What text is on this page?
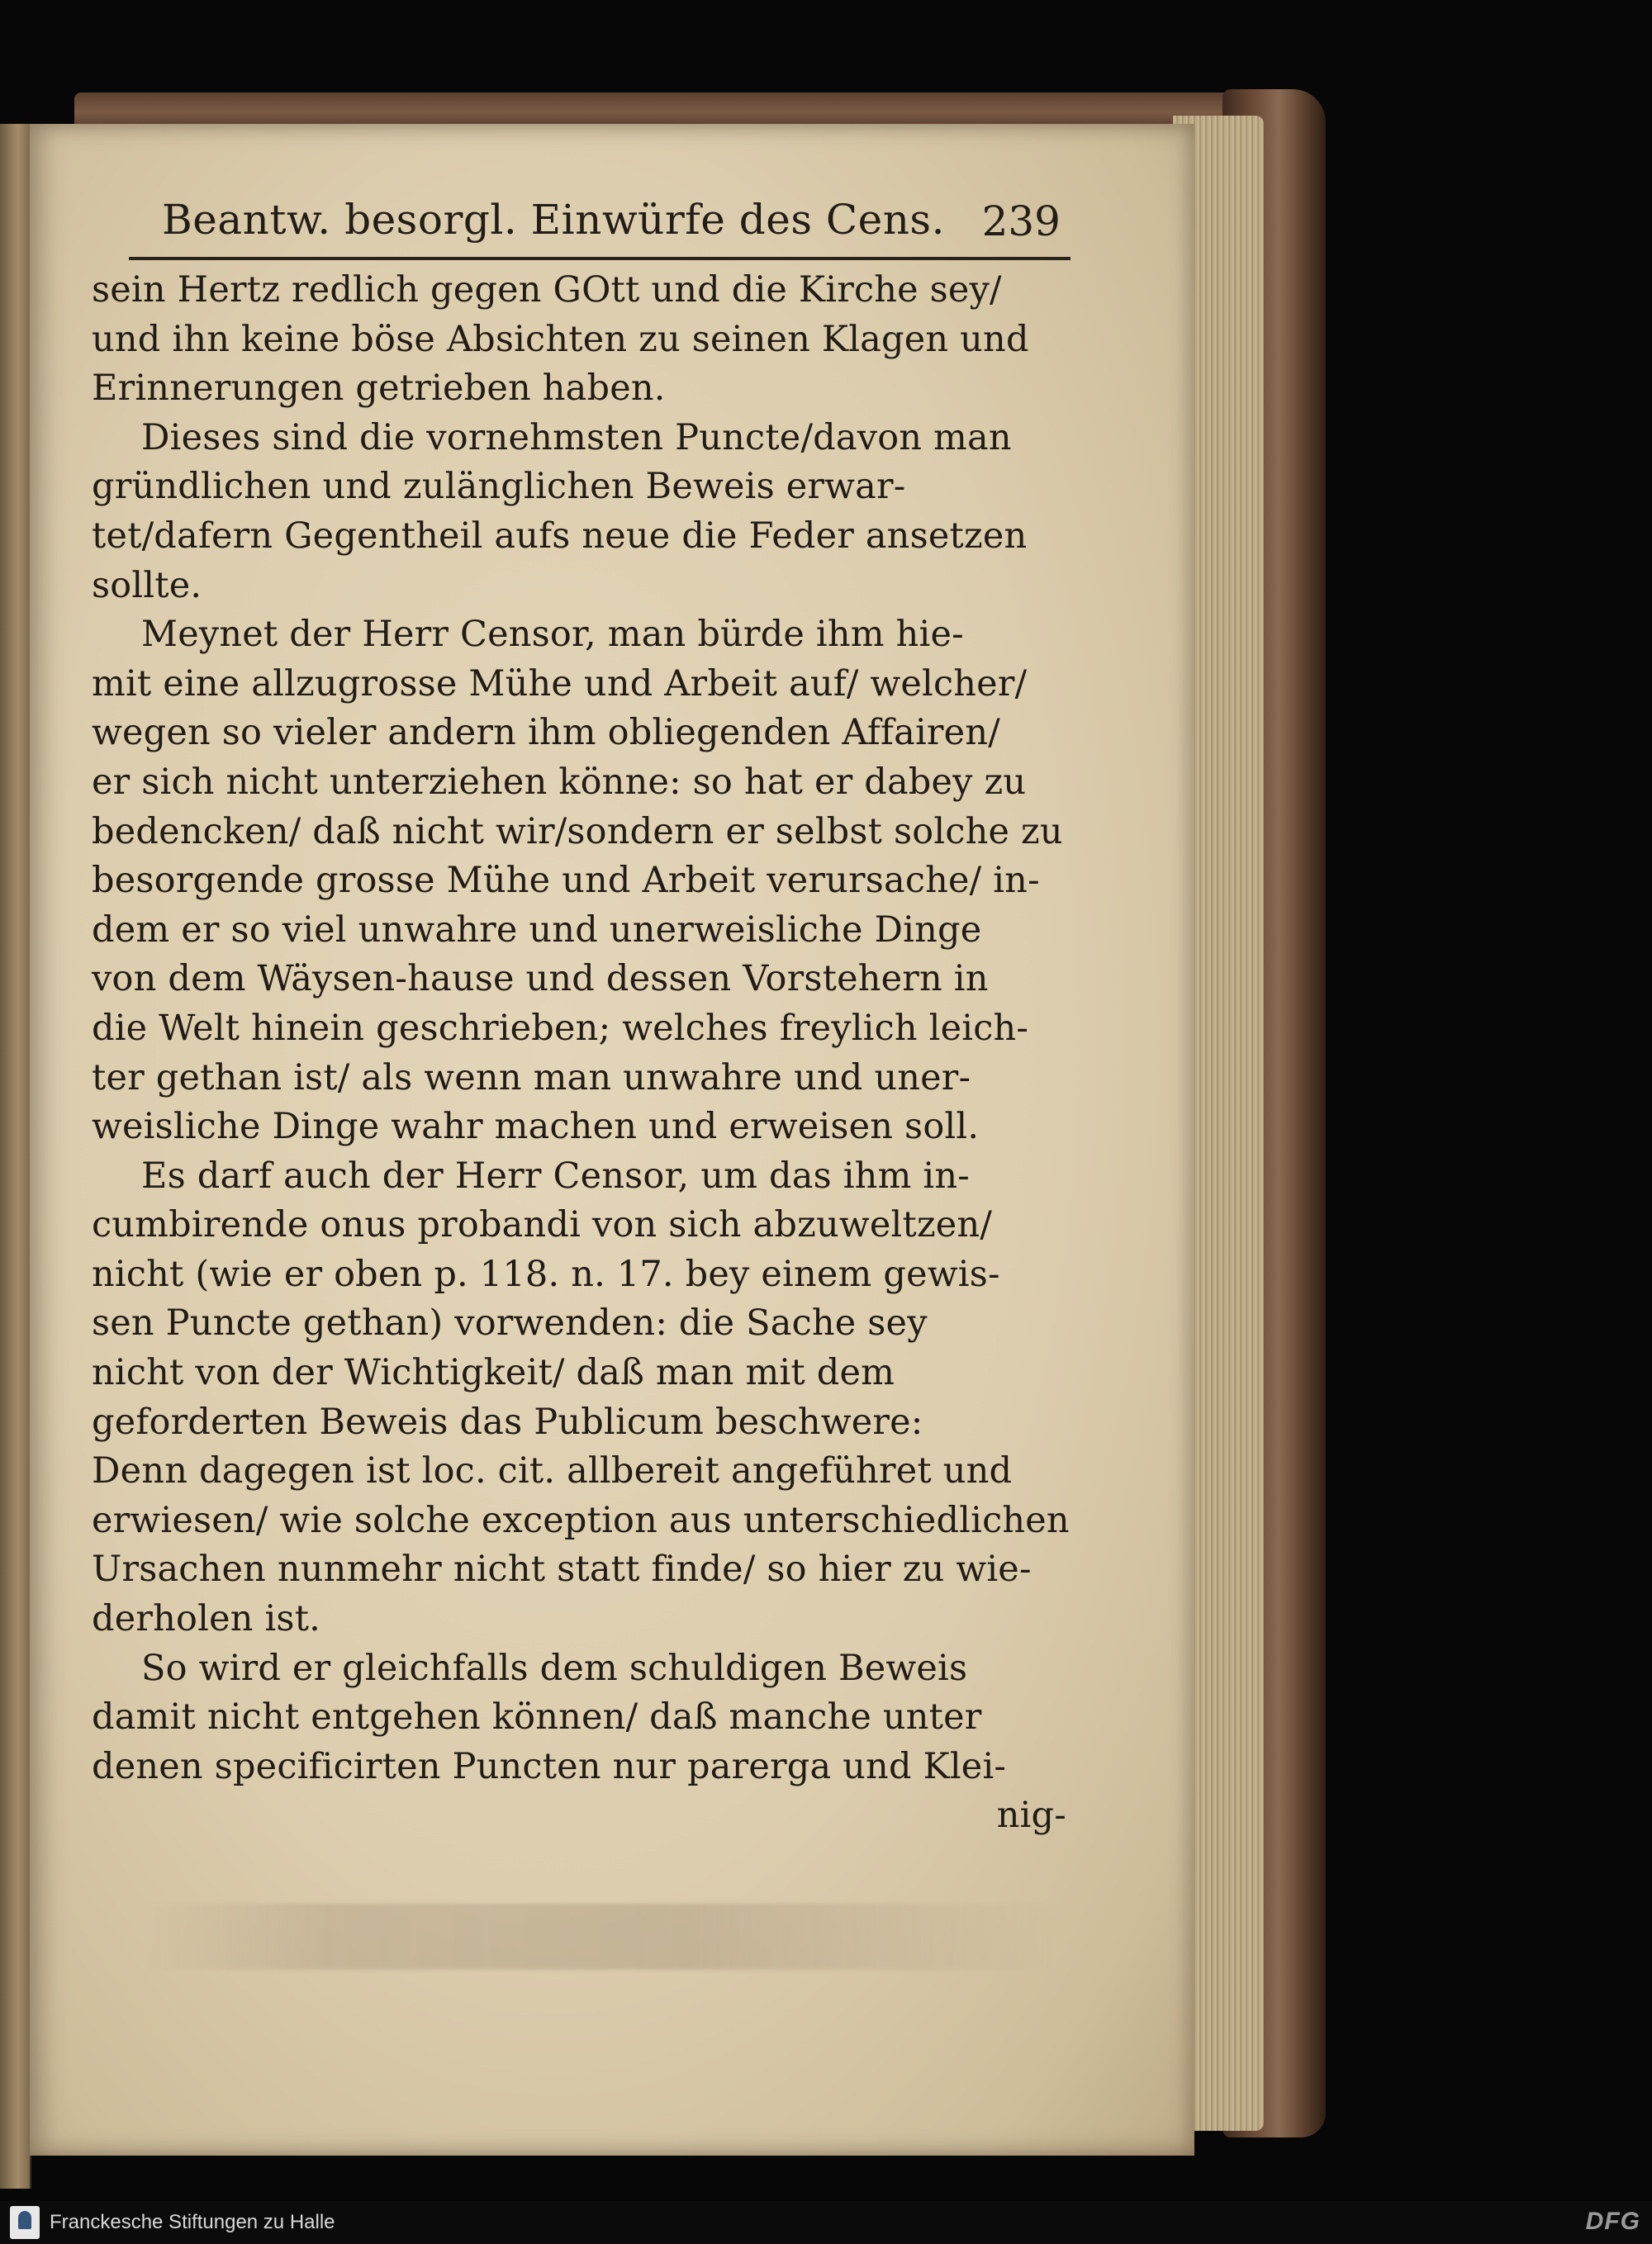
Beantw. besorgl. Einwürfe des Cens. 239
sein Hertz redlich gegen GOtt und die Kirche sey/
und ihn keine böse Absichten zu seinen Klagen und
Erinnerungen getrieben haben.
Dieses sind die vornehmsten Puncte/davon man
gründlichen und zulänglichen Beweis erwar-
tet/dafern Gegentheil aufs neue die Feder ansetzen
sollte.
Meynet der Herr Censor, man bürde ihm hie-
mit eine allzugrosse Mühe und Arbeit auf/ welcher/
wegen so vieler andern ihm obliegenden Affairen/
er sich nicht unterziehen könne: so hat er dabey zu
bedencken/ daß nicht wir/sondern er selbst solche zu
besorgende grosse Mühe und Arbeit verursache/ in-
dem er so viel unwahre und unerweisliche Dinge
von dem Wäysen-hause und dessen Vorstehern in
die Welt hinein geschrieben; welches freylich leich-
ter gethan ist/ als wenn man unwahre und uner-
weisliche Dinge wahr machen und erweisen soll.
Es darf auch der Herr Censor, um das ihm in-
cumbirende onus probandi von sich abzuweltzen/
nicht (wie er oben p. 118. n. 17. bey einem gewis-
sen Puncte gethan) vorwenden: die Sache sey
nicht von der Wichtigkeit/ daß man mit dem
geforderten Beweis das Publicum beschwere:
Denn dagegen ist loc. cit. allbereit angeführet und
erwiesen/ wie solche exception aus unterschiedlichen
Ursachen nunmehr nicht statt finde/ so hier zu wie-
derholen ist.
So wird er gleichfalls dem schuldigen Beweis
damit nicht entgehen können/ daß manche unter
denen specificirten Puncten nur parerga und Klei-
nig-
Franckesche Stiftungen zu Halle	DFG
